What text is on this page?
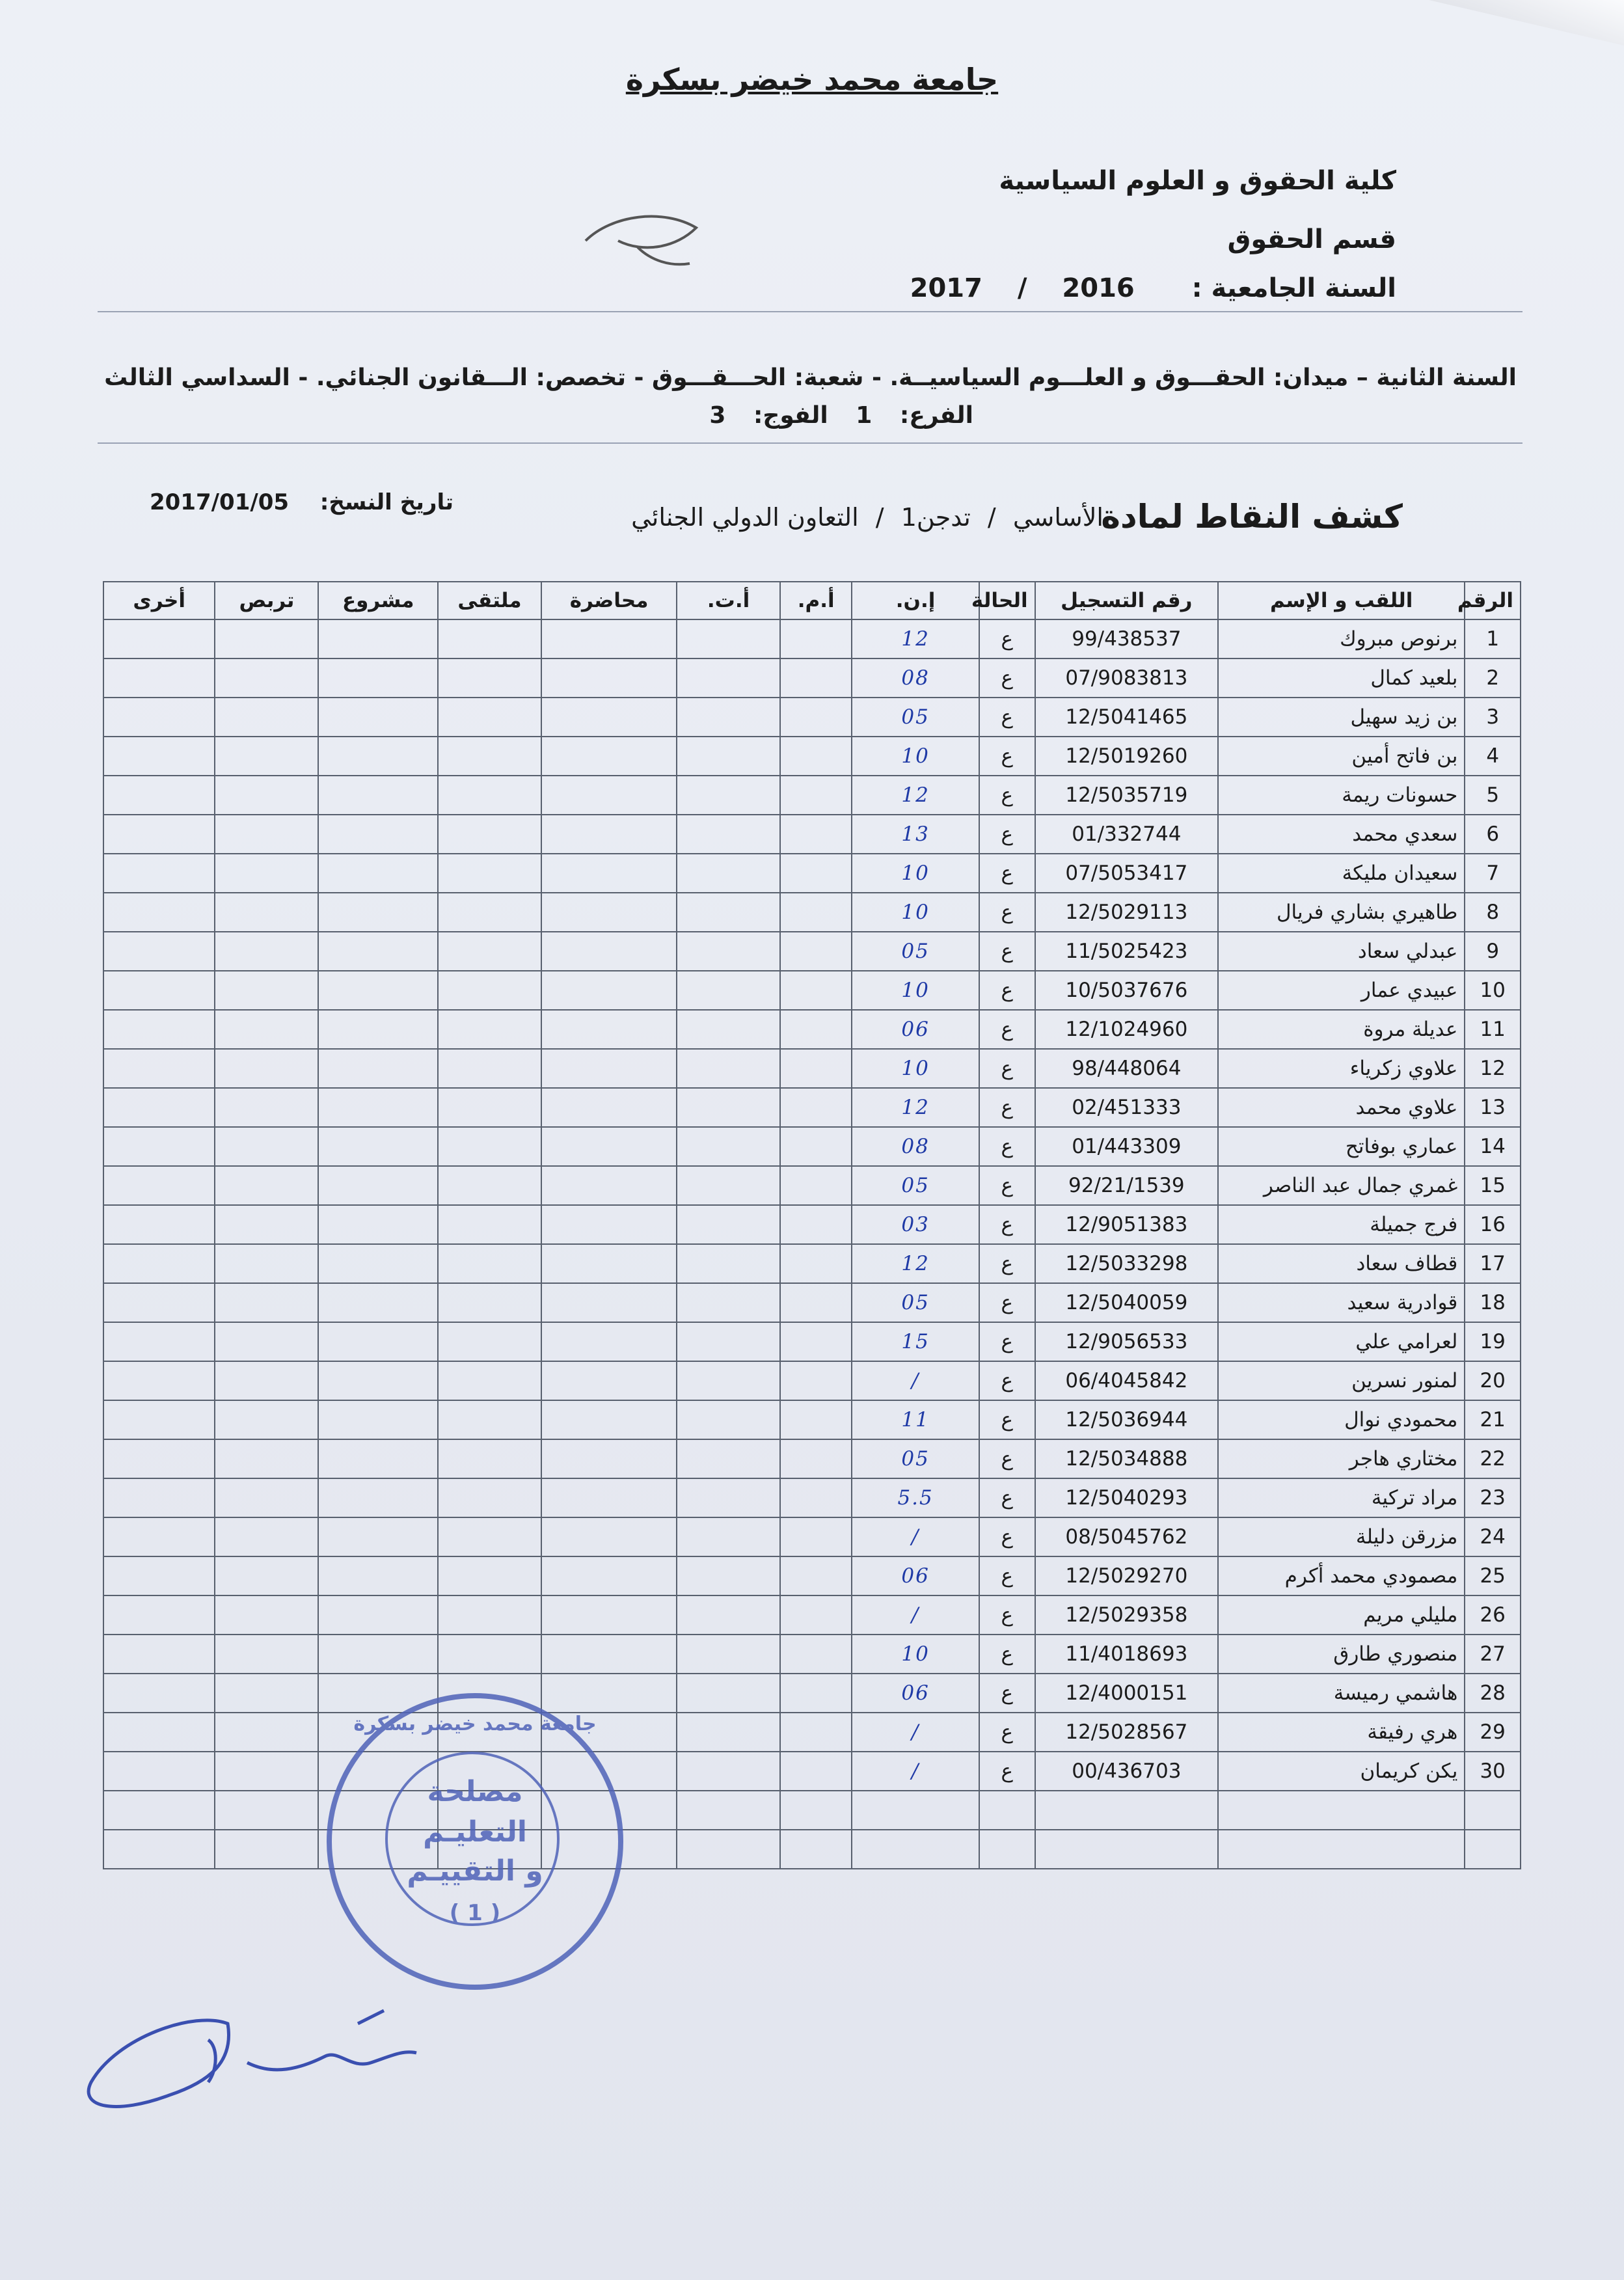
جامعة محمد خيضر بسكرة
كلية الحقوق و العلوم السياسية
قسم الحقوق
السنة الجامعية :  2016 / 2017
السنة الثانية – ميدان: الحقـــوق و العلـــوم السياسيــة. - شعبة: الحـــقـــوق - تخصص: الـــقانون الجنائي. - السداسي الثالث
الفرع: 1 الفوج: 3
كشف النقاط لمادة
الأساسي / تدجن1 / التعاون الدولي الجنائي
تاريخ النسخ:  2017/01/05
الرقم	اللقب و الإسم	رقم التسجيل	الحالة	إ.ن.	أ.م.	أ.ت.	محاضرة	ملتقى	مشروع	تربص	أخرى
1	برنوص مبروك	99/438537	ع	12							
2	بلعيد كمال	07/9083813	ع	08							
3	بن زيد سهيل	12/5041465	ع	05							
4	بن فاتح أمين	12/5019260	ع	10							
5	حسونات ريمة	12/5035719	ع	12							
6	سعدي محمد	01/332744	ع	13							
7	سعيدان مليكة	07/5053417	ع	10							
8	طاهيري بشاري فريال	12/5029113	ع	10							
9	عبدلي سعاد	11/5025423	ع	05							
10	عبيدي عمار	10/5037676	ع	10							
11	عديلة مروة	12/1024960	ع	06							
12	علاوي زكرياء	98/448064	ع	10							
13	علاوي محمد	02/451333	ع	12							
14	عماري بوفاتح	01/443309	ع	08							
15	غمري جمال عبد الناصر	92/21/1539	ع	05							
16	فرج جميلة	12/9051383	ع	03							
17	قطاف سعاد	12/5033298	ع	12							
18	قوادرية سعيد	12/5040059	ع	05							
19	لعرامي علي	12/9056533	ع	15							
20	لمنور نسرين	06/4045842	ع	/							
21	محمودي نوال	12/5036944	ع	11							
22	مختاري هاجر	12/5034888	ع	05							
23	مراد تركية	12/5040293	ع	5.5							
24	مزرقن دليلة	08/5045762	ع	/							
25	مصمودي محمد أكرم	12/5029270	ع	06							
26	مليلي مريم	12/5029358	ع	/							
27	منصوري طارق	11/4018693	ع	10							
28	هاشمي رميسة	12/4000151	ع	06							
29	هري رفيقة	12/5028567	ع	/							
30	يكن كريمان	00/436703	ع	/							

جامعة محمد خيضر بسكرة
مصلحة
التعليـم
و التقييـم
( 1 )
